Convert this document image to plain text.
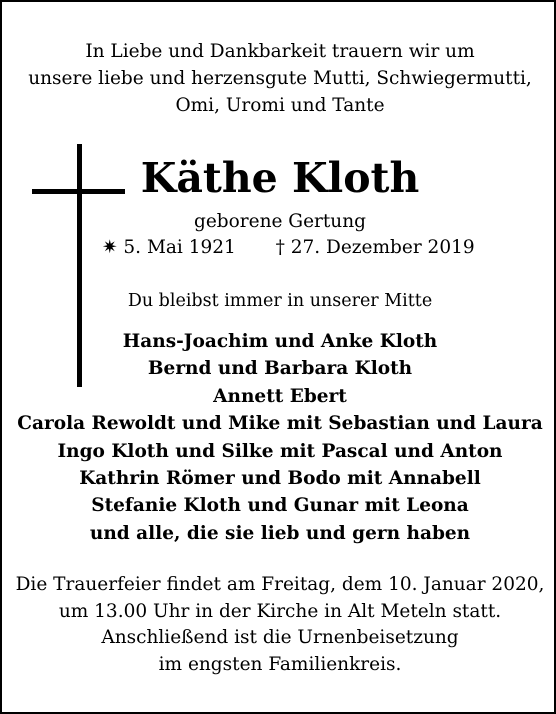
In Liebe und Dankbarkeit trauern wir um
unsere liebe und herzensgute Mutti, Schwiegermutti,
Omi, Uromi und Tante
Käthe Kloth
geborene Gertung
✷ 5. Mai 1921 † 27. Dezember 2019
Du bleibst immer in unserer Mitte
Hans-Joachim und Anke Kloth
Bernd und Barbara Kloth
Annett Ebert
Carola Rewoldt und Mike mit Sebastian und Laura
Ingo Kloth und Silke mit Pascal und Anton
Kathrin Römer und Bodo mit Annabell
Stefanie Kloth und Gunar mit Leona
und alle, die sie lieb und gern haben
Die Trauerfeier findet am Freitag, dem 10. Januar 2020,
um 13.00 Uhr in der Kirche in Alt Meteln statt.
Anschließend ist die Urnenbeisetzung
im engsten Familienkreis.
